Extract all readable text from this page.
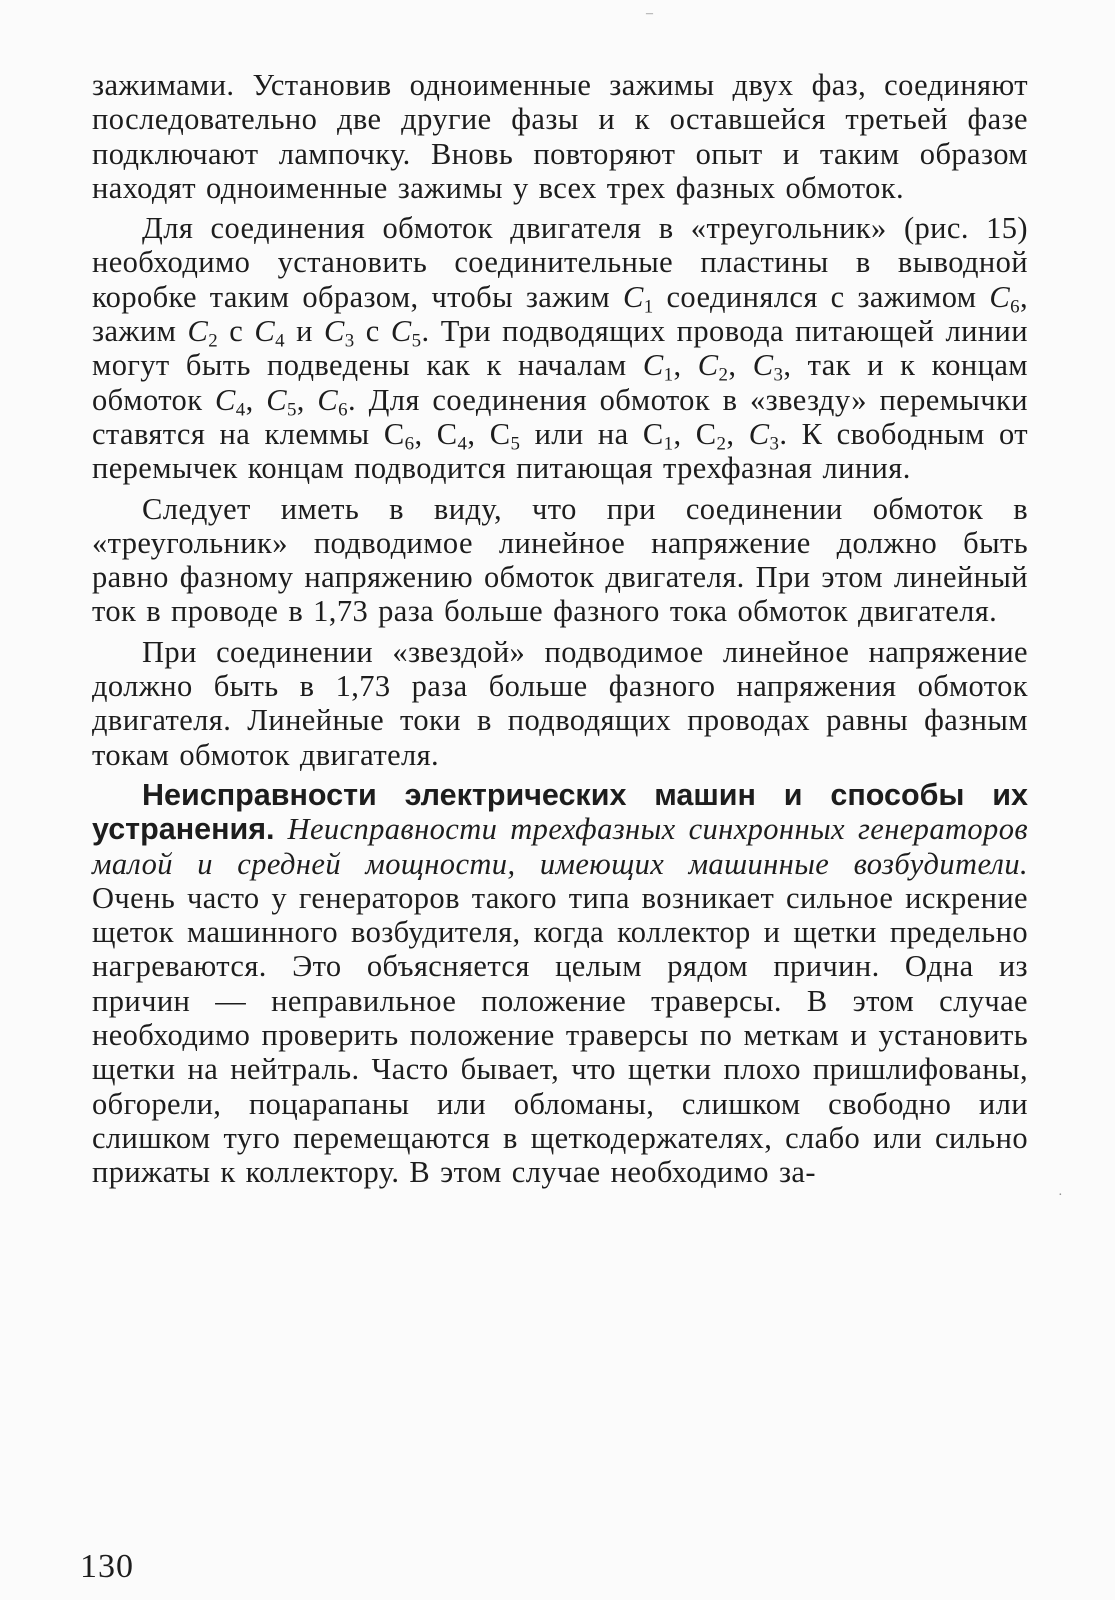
зажимами. Установив одноименные зажимы двух фаз, соединяют последовательно две другие фазы и к оставшейся третьей фазе подключают лампочку. Вновь повторяют опыт и таким образом находят одноименные зажимы у всех трех фазных обмоток.

Для соединения обмоток двигателя в «треугольник» (рис. 15) необходимо установить соединительные пластины в выводной коробке таким образом, чтобы зажим $C_1$ соединялся с зажимом $C_6$, зажим $C_2$ с $C_4$ и $C_3$ с $C_5$. Три подводящих провода питающей линии могут быть подведены как к началам $C_1$, $C_2$, $C_3$, так и к концам обмоток $C_4$, $C_5$, $C_6$. Для соединения обмоток в «звезду» перемычки ставятся на клеммы $C_6$, $C_4$, $C_5$ или на $C_1$, $C_2$, $C_3$. К свободным от перемычек концам подводится питающая трехфазная линия.

Следует иметь в виду, что при соединении обмоток в «треугольник» подводимое линейное напряжение должно быть равно фазному напряжению обмоток двигателя. При этом линейный ток в проводе в 1,73 раза больше фазного тока обмоток двигателя.

При соединении «звездой» подводимое линейное напряжение должно быть в 1,73 раза больше фазного напряжения обмоток двигателя. Линейные токи в подводящих проводах равны фазным токам обмоток двигателя.

Неисправности электрических машин и способы их устранения. Неисправности трехфазных синхронных генераторов малой и средней мощности, имеющих машинные возбудители. Очень часто у генераторов такого типа возникает сильное искрение щеток машинного возбудителя, когда коллектор и щетки предельно нагреваются. Это объясняется целым рядом причин. Одна из причин — неправильное положение траверсы. В этом случае необходимо проверить положение траверсы по меткам и установить щетки на нейтраль. Часто бывает, что щетки плохо пришлифованы, обгорели, поцарапаны или обломаны, слишком свободно или слишком туго перемещаются в щеткодержателях, слабо или сильно прижаты к коллектору. В этом случае необходимо за-

130
–
·
